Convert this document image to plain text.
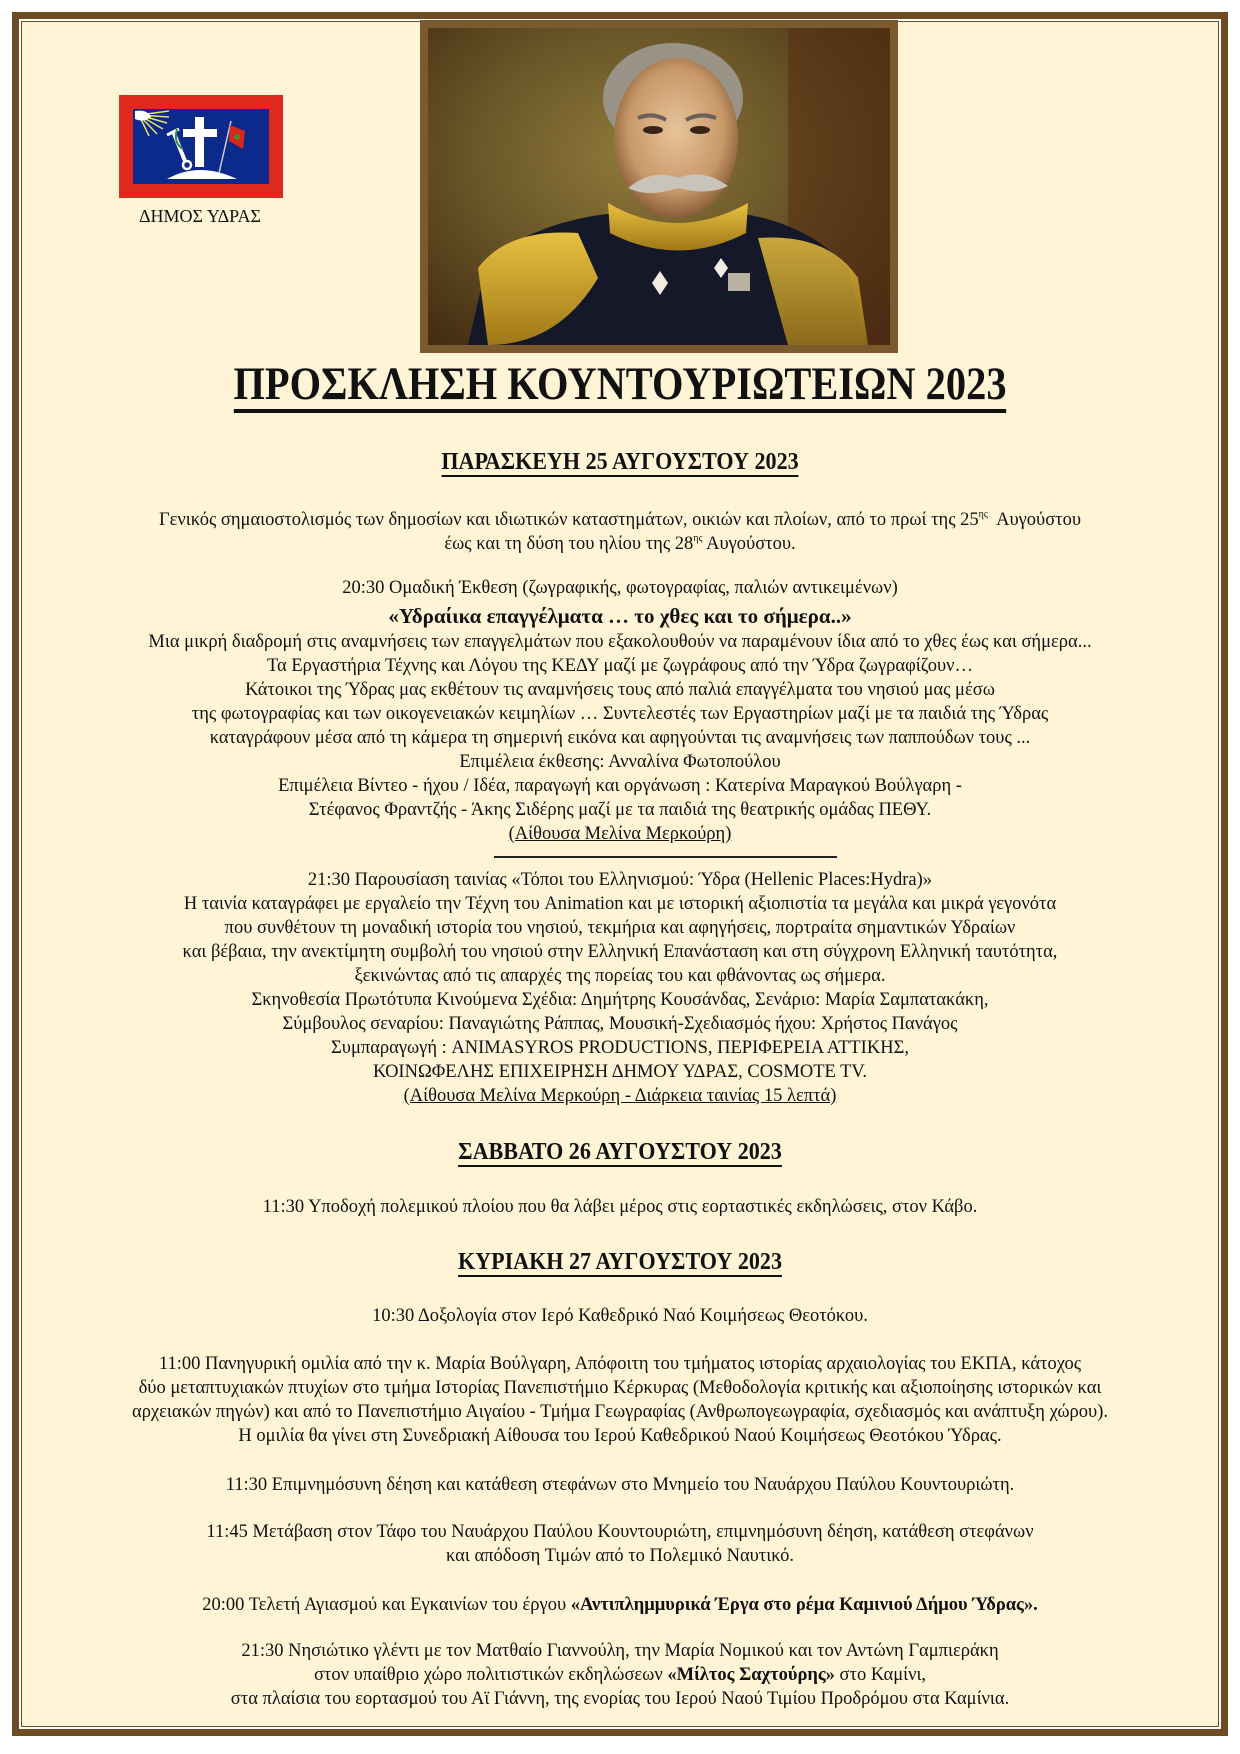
ΔΗΜΟΣ ΥΔΡΑΣ
ΠΡΟΣΚΛΗΣΗ ΚΟΥΝΤΟΥΡΙΩΤΕΙΩΝ 2023
ΠΑΡΑΣΚΕΥΗ 25 ΑΥΓΟΥΣΤΟΥ 2023
Γενικός σημαιοστολισμός των δημοσίων και ιδιωτικών καταστημάτων, οικιών και πλοίων, από το πρωί της $25^{\eta\varsigma}$  Αυγούστου
έως και τη δύση του ηλίου της $28^{\eta\varsigma}$ Αυγούστου.
20:30 Ομαδική Έκθεση (ζωγραφικής, φωτογραφίας, παλιών αντικειμένων)
«Υδραίικα επαγγέλματα … το χθες και το σήμερα..»
Μια μικρή διαδρομή στις αναμνήσεις των επαγγελμάτων που εξακολουθούν να παραμένουν ίδια από το χθες έως και σήμερα...
Τα Εργαστήρια Τέχνης και Λόγου της ΚΕΔΥ μαζί με ζωγράφους από την Ύδρα ζωγραφίζουν…
Κάτοικοι της Ύδρας μας εκθέτουν τις αναμνήσεις τους από παλιά επαγγέλματα του νησιού μας μέσω
της φωτογραφίας και των οικογενειακών κειμηλίων … Συντελεστές των Εργαστηρίων μαζί με τα παιδιά της Ύδρας
καταγράφουν μέσα από τη κάμερα τη σημερινή εικόνα και αφηγούνται τις αναμνήσεις των παππούδων τους ...
Επιμέλεια έκθεσης: Ανναλίνα Φωτοπούλου
Επιμέλεια Βίντεο - ήχου / Ιδέα, παραγωγή και οργάνωση : Κατερίνα Μαραγκού Βούλγαρη -
Στέφανος Φραντζής - Άκης Σιδέρης μαζί με τα παιδιά της θεατρικής ομάδας ΠΕΘΥ.
(Αίθουσα Μελίνα Μερκούρη)
21:30 Παρουσίαση ταινίας «Τόποι του Ελληνισμού: Ύδρα (Hellenic Places:Hydra)»
Η ταινία καταγράφει με εργαλείο την Τέχνη του Animation και με ιστορική αξιοπιστία τα μεγάλα και μικρά γεγονότα
που συνθέτουν τη μοναδική ιστορία του νησιού, τεκμήρια και αφηγήσεις, πορτραίτα σημαντικών Υδραίων
και βέβαια, την ανεκτίμητη συμβολή του νησιού στην Ελληνική Επανάσταση και στη σύγχρονη Ελληνική ταυτότητα,
ξεκινώντας από τις απαρχές της πορείας του και φθάνοντας ως σήμερα.
Σκηνοθεσία Πρωτότυπα Κινούμενα Σχέδια: Δημήτρης Κουσάνδας, Σενάριο: Μαρία Σαμπατακάκη,
Σύμβουλος σεναρίου: Παναγιώτης Ράππας, Μουσική-Σχεδιασμός ήχου: Χρήστος Πανάγος
Συμπαραγωγή : ANIMASYROS PRODUCTIONS, ΠΕΡΙΦΕΡΕΙΑ ΑΤΤΙΚΗΣ,
ΚΟΙΝΩΦΕΛΗΣ ΕΠΙΧΕΙΡΗΣΗ ΔΗΜΟΥ ΥΔΡΑΣ, COSMOTE TV.
(Αίθουσα Μελίνα Μερκούρη - Διάρκεια ταινίας 15 λεπτά)
ΣΑΒΒΑΤΟ 26 ΑΥΓΟΥΣΤΟΥ 2023
11:30 Υποδοχή πολεμικού πλοίου που θα λάβει μέρος στις εορταστικές εκδηλώσεις, στον Κάβο.
ΚΥΡΙΑΚΗ 27 ΑΥΓΟΥΣΤΟΥ 2023
10:30 Δοξολογία στον Ιερό Καθεδρικό Ναό Κοιμήσεως Θεοτόκου.
11:00 Πανηγυρική ομιλία από την κ. Μαρία Βούλγαρη, Απόφοιτη του τμήματος ιστορίας αρχαιολογίας του ΕΚΠΑ, κάτοχος
δύο μεταπτυχιακών πτυχίων στο τμήμα Ιστορίας Πανεπιστήμιο Κέρκυρας (Μεθοδολογία κριτικής και αξιοποίησης ιστορικών και
αρχειακών πηγών) και από το Πανεπιστήμιο Αιγαίου - Τμήμα Γεωγραφίας (Ανθρωπογεωγραφία, σχεδιασμός και ανάπτυξη χώρου).
Η ομιλία θα γίνει στη Συνεδριακή Αίθουσα του Ιερού Καθεδρικού Ναού Κοιμήσεως Θεοτόκου Ύδρας.
11:30 Επιμνημόσυνη δέηση και κατάθεση στεφάνων στο Μνημείο του Ναυάρχου Παύλου Κουντουριώτη.
11:45 Μετάβαση στον Τάφο του Ναυάρχου Παύλου Κουντουριώτη, επιμνημόσυνη δέηση, κατάθεση στεφάνων
και απόδοση Τιμών από το Πολεμικό Ναυτικό.
20:00 Τελετή Αγιασμού και Εγκαινίων του έργου «Αντιπλημμυρικά Έργα στο ρέμα Καμινιού Δήμου Ύδρας».
21:30 Νησιώτικο γλέντι με τον Ματθαίο Γιαννούλη, την Μαρία Νομικού και τον Αντώνη Γαμπιεράκη
στον υπαίθριο χώρο πολιτιστικών εκδηλώσεων «Μίλτος Σαχτούρης» στο Καμίνι,
στα πλαίσια του εορτασμού του Αϊ Γιάννη, της ενορίας του Ιερού Ναού Τιμίου Προδρόμου στα Καμίνια.
